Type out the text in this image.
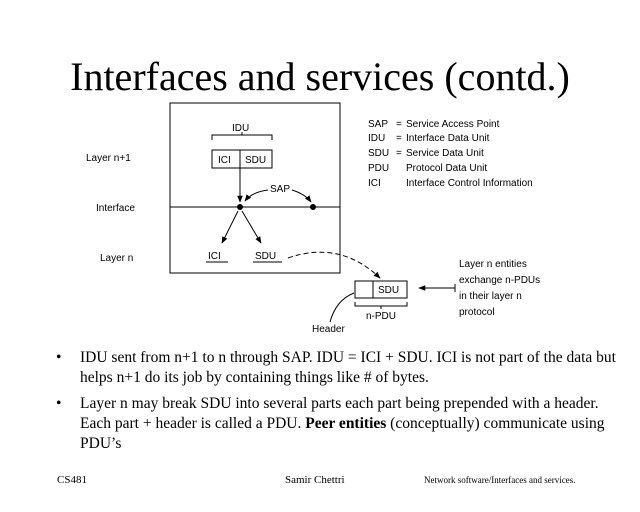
Interfaces and services (contd.)
Layer n+1
Interface
Layer n
IDU
ICI SDU
SAP
ICI	SDU
SDU
n-PDU
Header
Layer n entities
exchange n-PDUs
in their layer n
protocol
SAP = Service Access Point
IDU = Interface Data Unit
SDU = Service Data Unit
PDU Protocol Data Unit
ICI	Interface Control Information
• IDU sent from n+1 to n through SAP. IDU = ICI + SDU. ICI is not part of the data but helps n+1 do its job by containing things like # of bytes.
• Layer n may break SDU into several parts each part being prepended with a header. Each part + header is called a PDU. Peer entities (conceptually) communicate using PDU’s
CS481	Samir Chettri	Network software/Interfaces and services.
